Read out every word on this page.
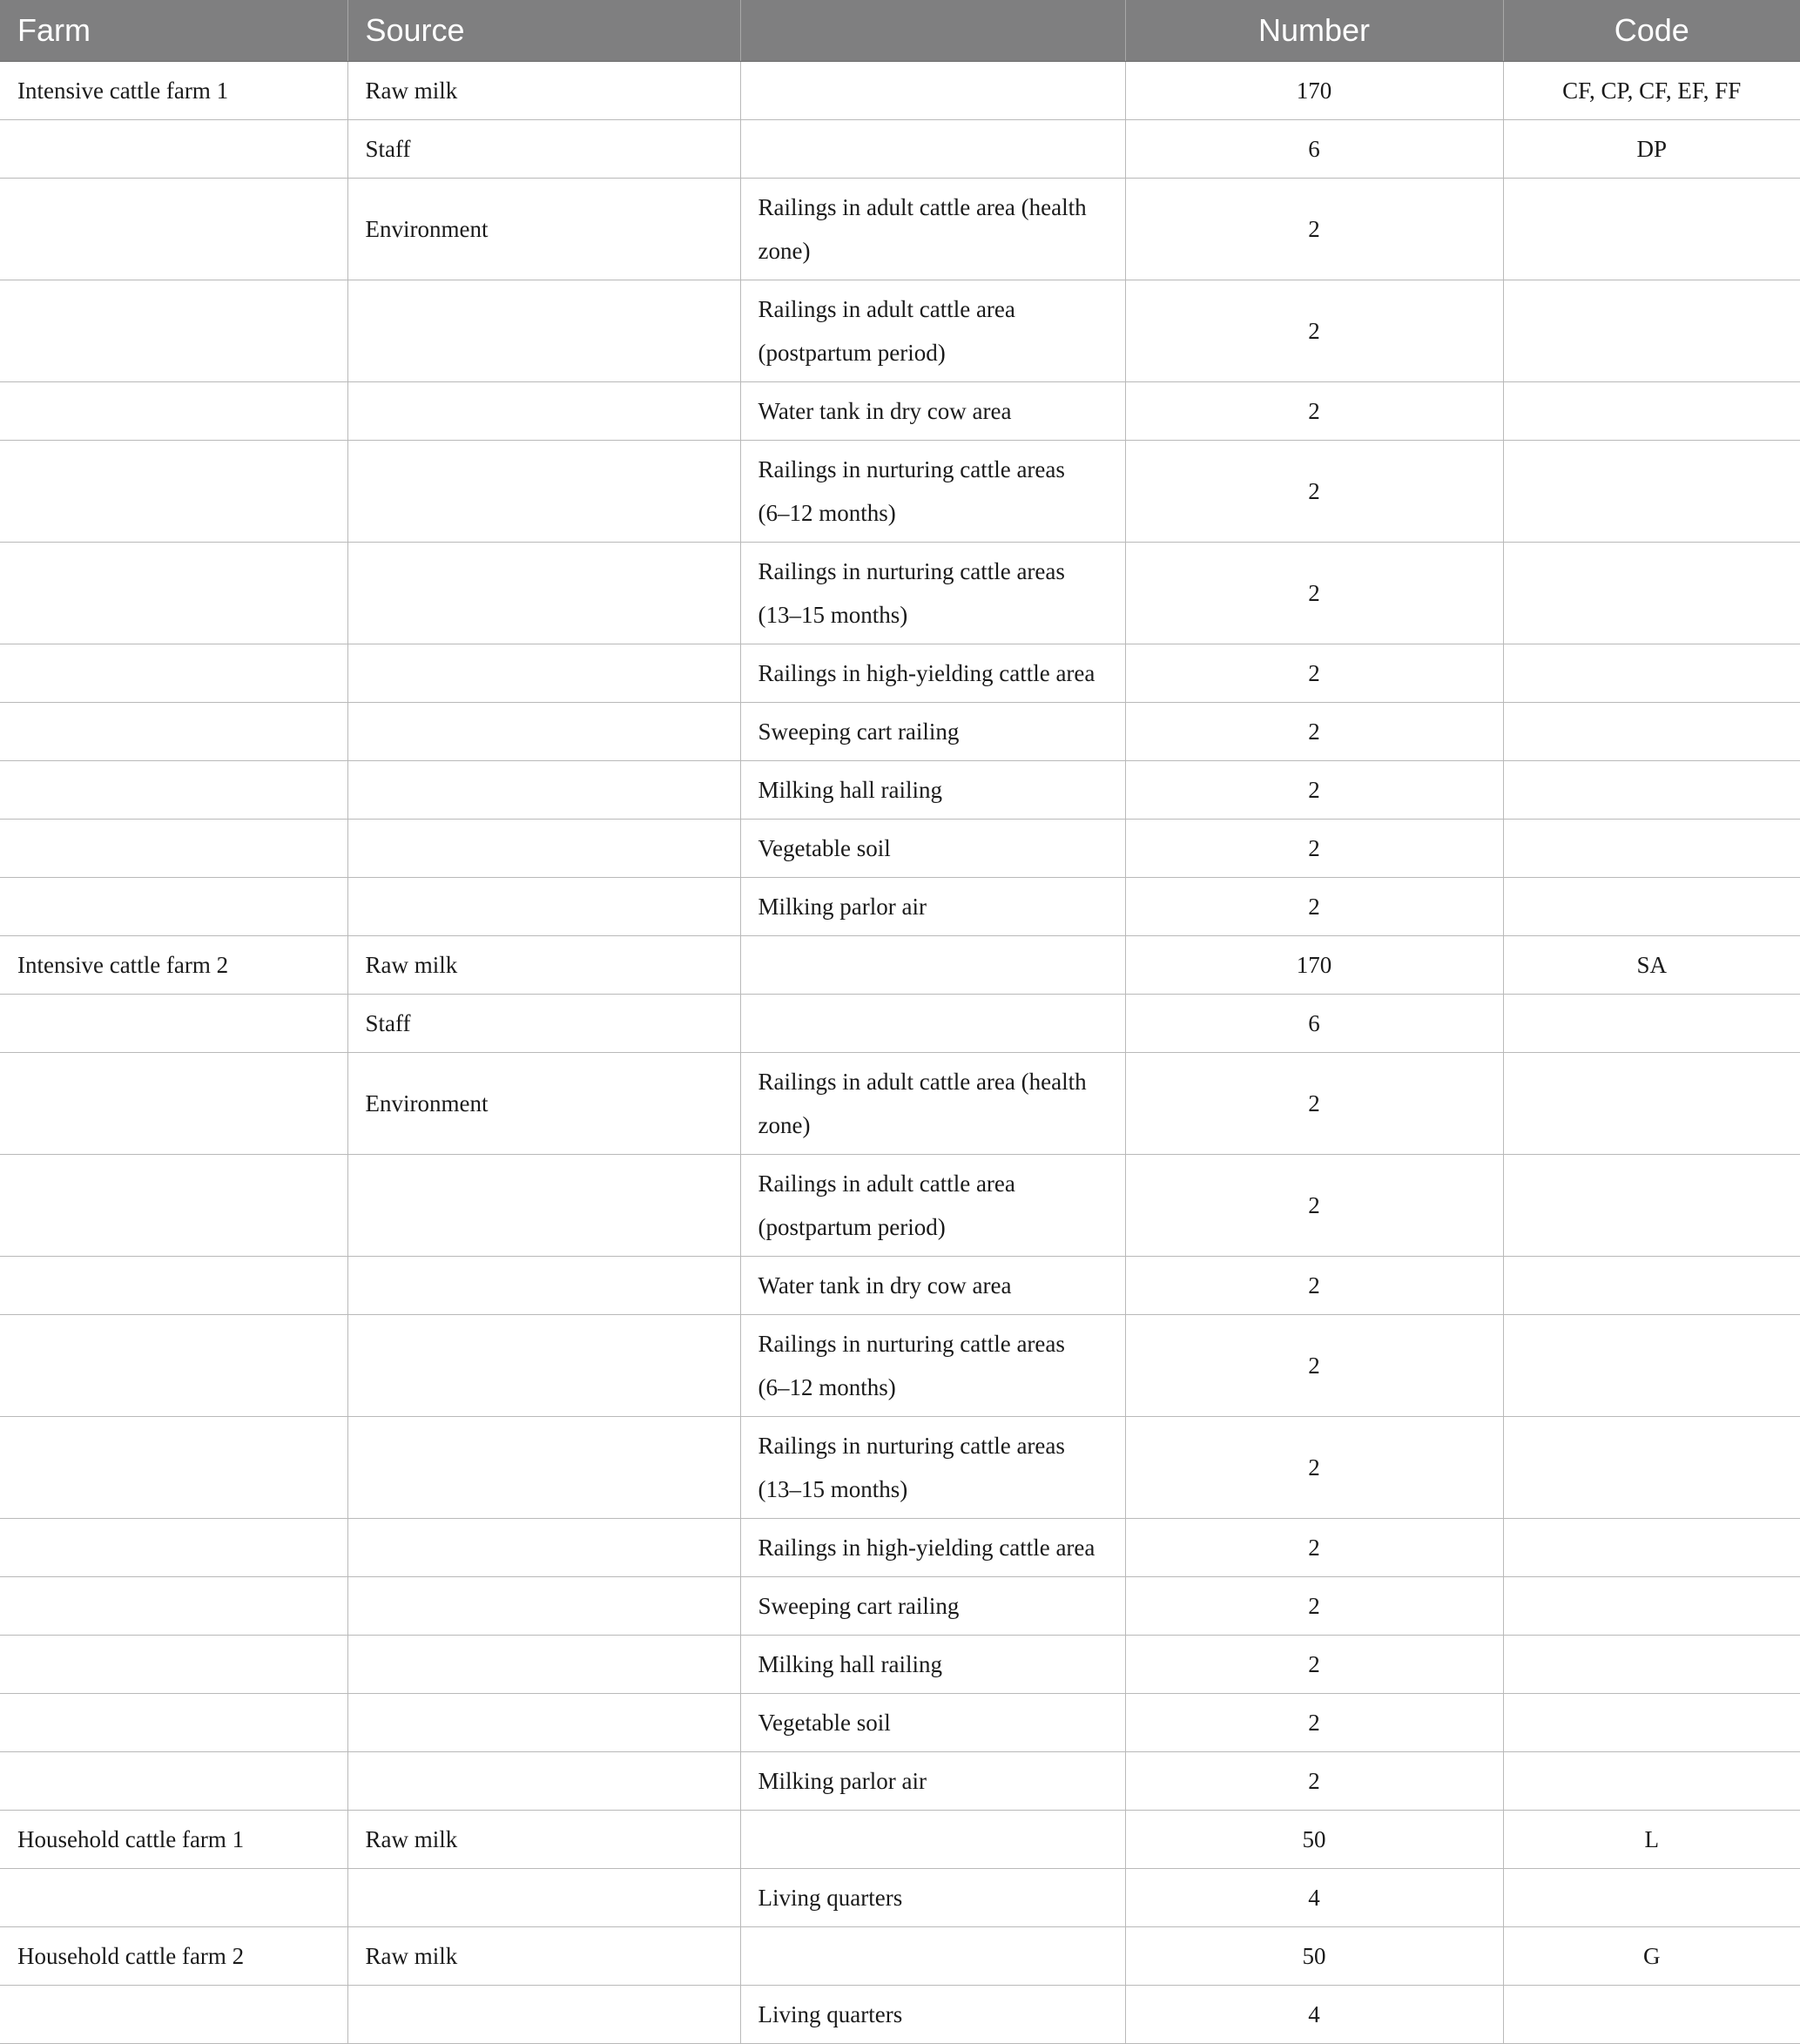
Farm	Source		Number	Code
Intensive cattle farm 1	Raw milk		170	CF, CP, CF, EF, FF
	Staff		6	DP
	Environment	Railings in adult cattle area (health zone)	2	
		Railings in adult cattle area (postpartum period)	2	
		Water tank in dry cow area	2	
		Railings in nurturing cattle areas (6–12 months)	2	
		Railings in nurturing cattle areas (13–15 months)	2	
		Railings in high-yielding cattle area	2	
		Sweeping cart railing	2	
		Milking hall railing	2	
		Vegetable soil	2	
		Milking parlor air	2	
Intensive cattle farm 2	Raw milk		170	SA
	Staff		6	
	Environment	Railings in adult cattle area (health zone)	2	
		Railings in adult cattle area (postpartum period)	2	
		Water tank in dry cow area	2	
		Railings in nurturing cattle areas (6–12 months)	2	
		Railings in nurturing cattle areas (13–15 months)	2	
		Railings in high-yielding cattle area	2	
		Sweeping cart railing	2	
		Milking hall railing	2	
		Vegetable soil	2	
		Milking parlor air	2	
Household cattle farm 1	Raw milk		50	L
		Living quarters	4	
Household cattle farm 2	Raw milk		50	G
		Living quarters	4	
